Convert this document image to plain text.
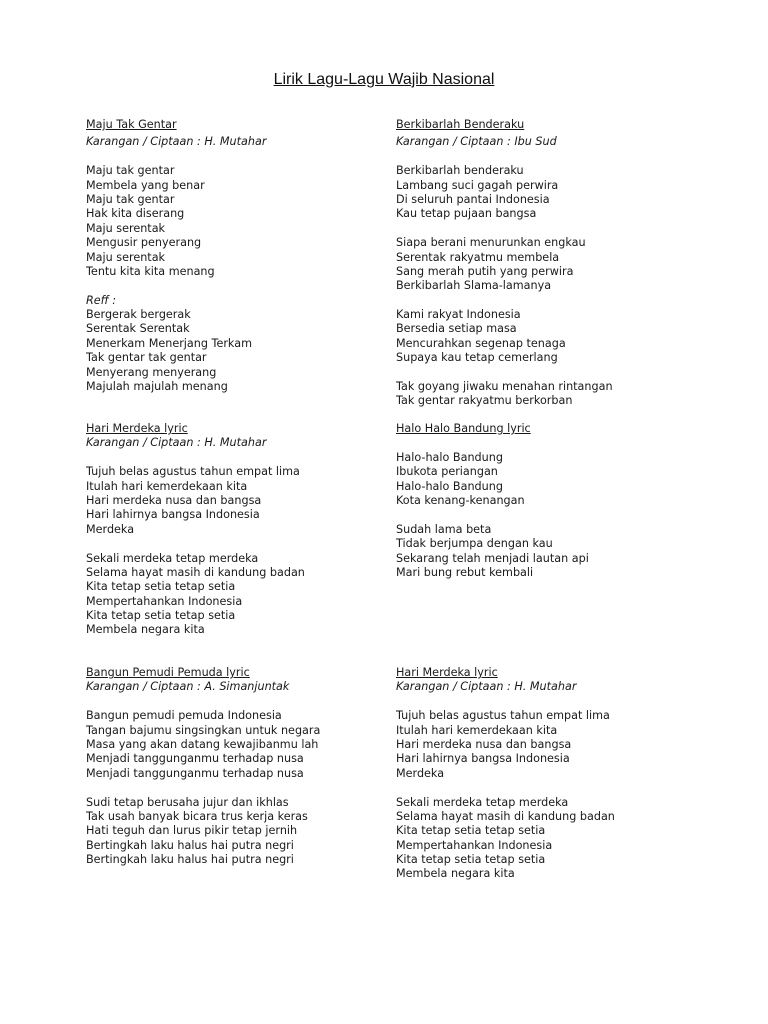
Lirik Lagu-Lagu Wajib Nasional
Maju Tak Gentar
Karangan / Ciptaan : H. Mutahar
Maju tak gentar
Membela yang benar
Maju tak gentar
Hak kita diserang
Maju serentak
Mengusir penyerang
Maju serentak
Tentu kita kita menang
Reff :
Bergerak bergerak
Serentak Serentak
Menerkam Menerjang Terkam
Tak gentar tak gentar
Menyerang menyerang
Majulah majulah menang
Hari Merdeka lyric
Karangan / Ciptaan : H. Mutahar
Tujuh belas agustus tahun empat lima
Itulah hari kemerdekaan kita
Hari merdeka nusa dan bangsa
Hari lahirnya bangsa Indonesia
Merdeka
Sekali merdeka tetap merdeka
Selama hayat masih di kandung badan
Kita tetap setia tetap setia
Mempertahankan Indonesia
Kita tetap setia tetap setia
Membela negara kita
Bangun Pemudi Pemuda lyric
Karangan / Ciptaan : A. Simanjuntak
Bangun pemudi pemuda Indonesia
Tangan bajumu singsingkan untuk negara
Masa yang akan datang kewajibanmu lah
Menjadi tanggunganmu terhadap nusa
Menjadi tanggunganmu terhadap nusa
Sudi tetap berusaha jujur dan ikhlas
Tak usah banyak bicara trus kerja keras
Hati teguh dan lurus pikir tetap jernih
Bertingkah laku halus hai putra negri
Bertingkah laku halus hai putra negri
Berkibarlah Benderaku
Karangan / Ciptaan : Ibu Sud
Berkibarlah benderaku
Lambang suci gagah perwira
Di seluruh pantai Indonesia
Kau tetap pujaan bangsa
Siapa berani menurunkan engkau
Serentak rakyatmu membela
Sang merah putih yang perwira
Berkibarlah Slama-lamanya
Kami rakyat Indonesia
Bersedia setiap masa
Mencurahkan segenap tenaga
Supaya kau tetap cemerlang
Tak goyang jiwaku menahan rintangan
Tak gentar rakyatmu berkorban
Halo Halo Bandung lyric
Halo-halo Bandung
Ibukota periangan
Halo-halo Bandung
Kota kenang-kenangan
Sudah lama beta
Tidak berjumpa dengan kau
Sekarang telah menjadi lautan api
Mari bung rebut kembali
Hari Merdeka lyric
Karangan / Ciptaan : H. Mutahar
Tujuh belas agustus tahun empat lima
Itulah hari kemerdekaan kita
Hari merdeka nusa dan bangsa
Hari lahirnya bangsa Indonesia
Merdeka
Sekali merdeka tetap merdeka
Selama hayat masih di kandung badan
Kita tetap setia tetap setia
Mempertahankan Indonesia
Kita tetap setia tetap setia
Membela negara kita
